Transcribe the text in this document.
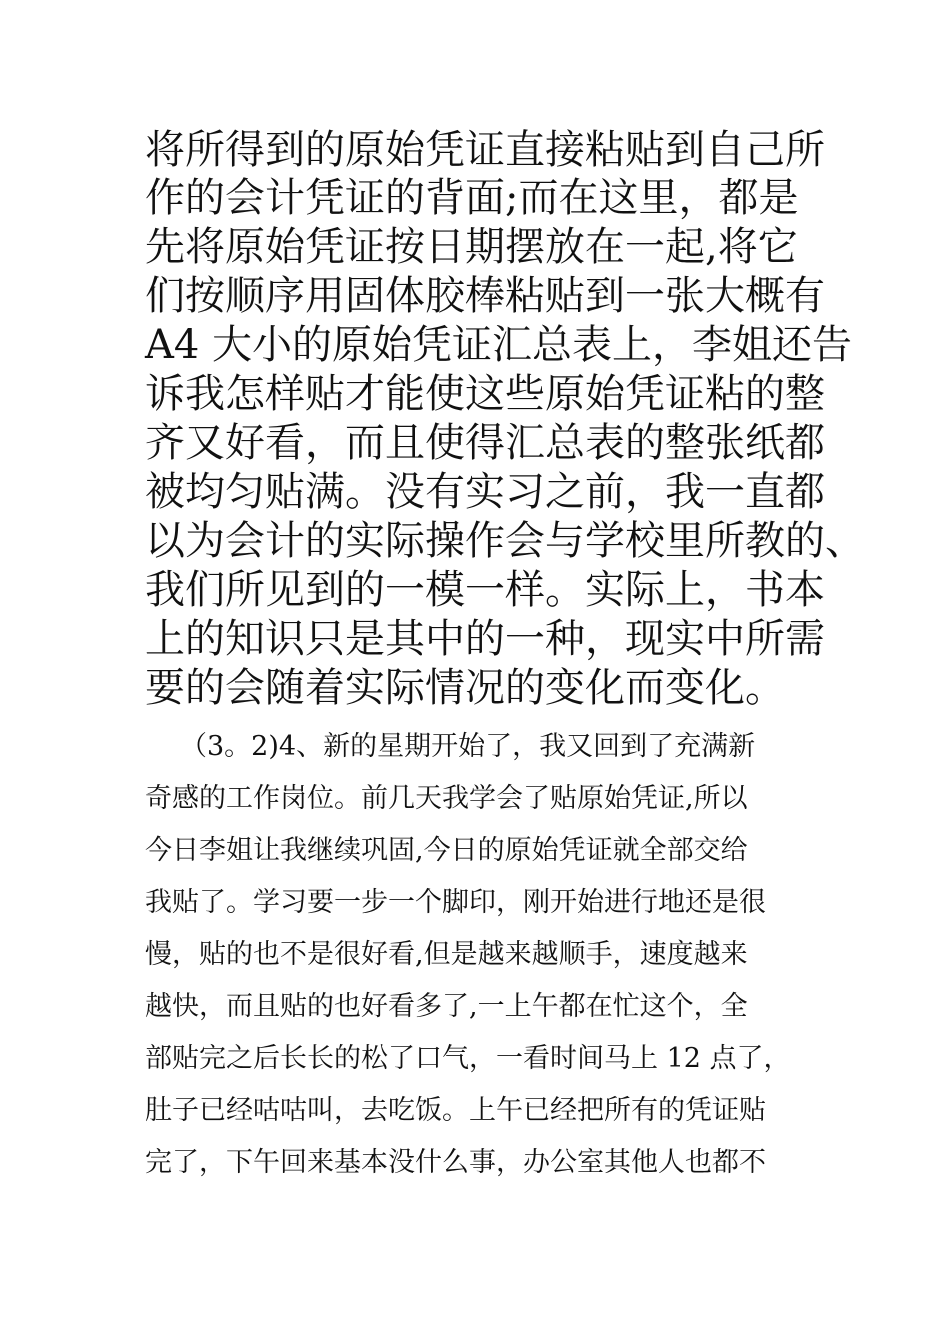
将所得到的原始凭证直接粘贴到自己所
作的会计凭证的背面;而在这里，都是
先将原始凭证按日期摆放在一起,将它
们按顺序用固体胶棒粘贴到一张大概有
A4 大小的原始凭证汇总表上，李姐还告
诉我怎样贴才能使这些原始凭证粘的整
齐又好看，而且使得汇总表的整张纸都
被均匀贴满。没有实习之前，我一直都
以为会计的实际操作会与学校里所教的、
我们所见到的一模一样。实际上，书本
上的知识只是其中的一种，现实中所需
要的会随着实际情况的变化而变化。
（3。2)4、新的星期开始了，我又回到了充满新
奇感的工作岗位。前几天我学会了贴原始凭证,所以
今日李姐让我继续巩固,今日的原始凭证就全部交给
我贴了。学习要一步一个脚印，刚开始进行地还是很
慢，贴的也不是很好看,但是越来越顺手，速度越来
越快，而且贴的也好看多了,一上午都在忙这个，全
部贴完之后长长的松了口气，一看时间马上 12 点了，
肚子已经咕咕叫，去吃饭。上午已经把所有的凭证贴
完了，下午回来基本没什么事，办公室其他人也都不
